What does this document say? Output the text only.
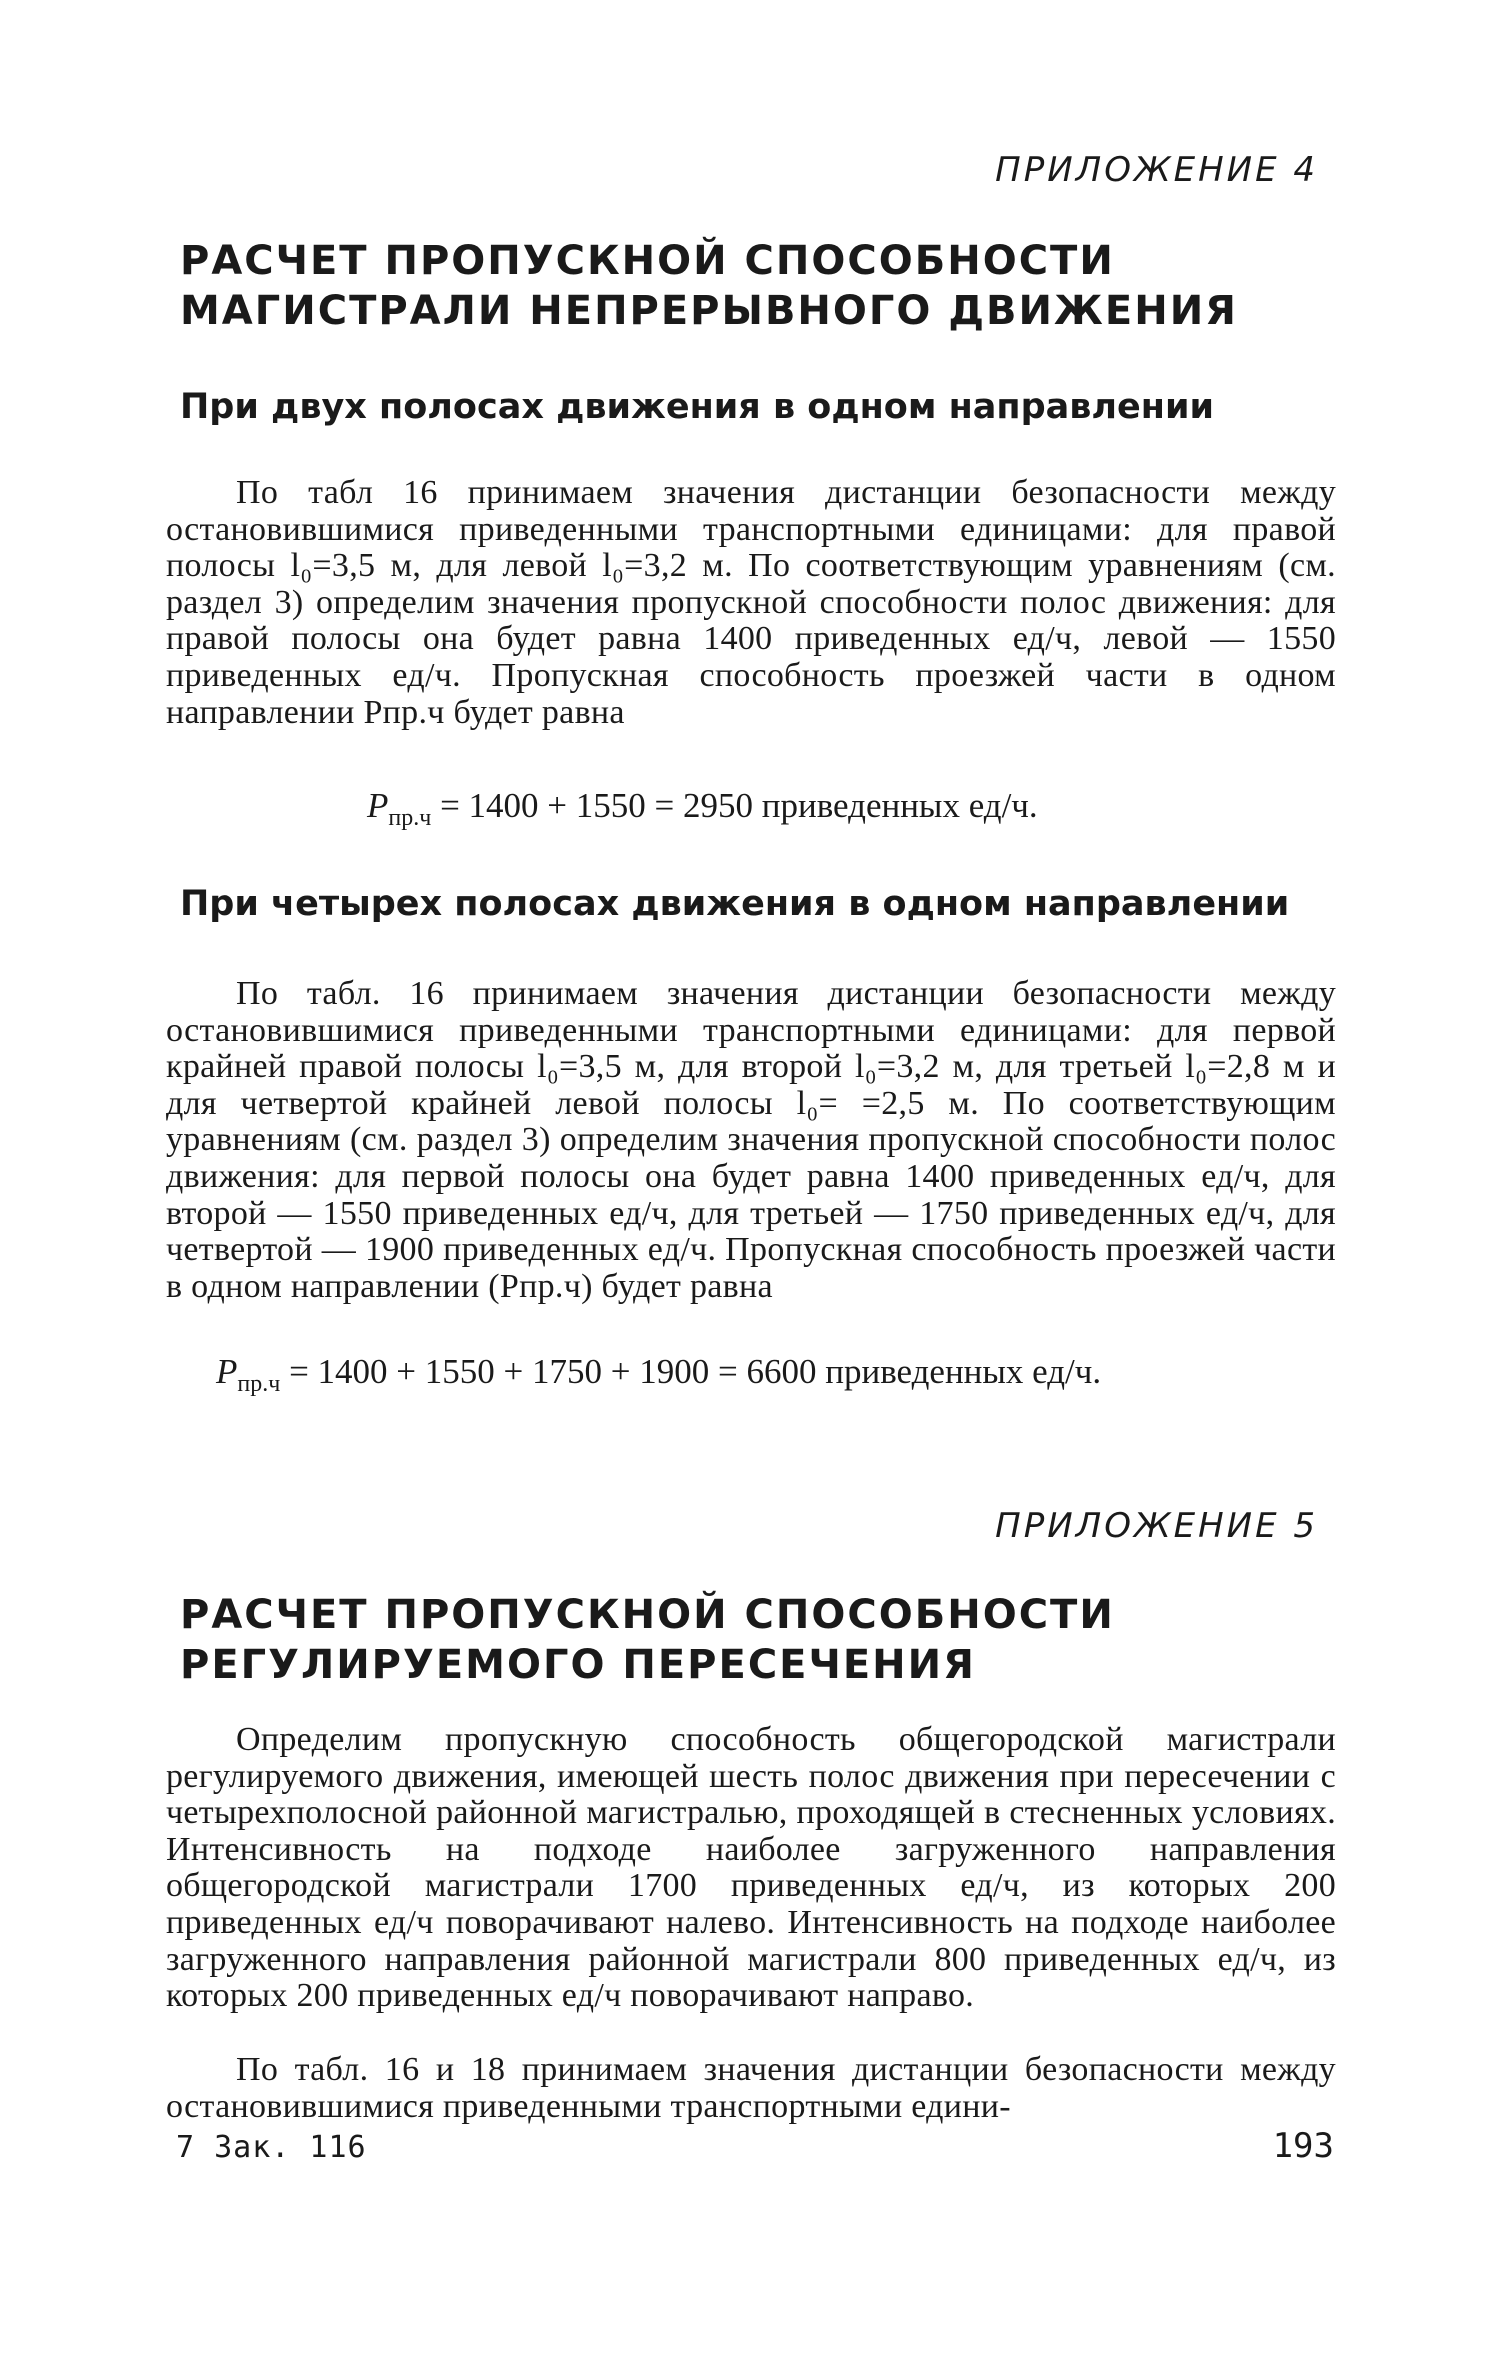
ПРИЛОЖЕНИЕ 4
РАСЧЕТ ПРОПУСКНОЙ СПОСОБНОСТИ
МАГИСТРАЛИ НЕПРЕРЫВНОГО ДВИЖЕНИЯ
При двух полосах движения в одном направлении

По табл 16 принимаем значения дистанции безопасности между остановившимися приведенными транспортными единицами: для правой полосы l₀=3,5 м, для левой l₀=3,2 м. По соответствующим уравнениям (см. раздел 3) определим значения пропускной способности полос движения: для правой полосы она будет равна 1400 приведенных ед/ч, левой — 1550 приведенных ед/ч. Пропускная способность проезжей части в одном направлении Pпр.ч будет равна

$P_{пр.ч} = 1400 + 1550 = 2950$ приведенных ед/ч.
При четырех полосах движения в одном направлении

По табл. 16 принимаем значения дистанции безопасности между остановившимися приведенными транспортными единицами: для первой крайней правой полосы l₀=3,5 м, для второй l₀=3,2 м, для третьей l₀=2,8 м и для четвертой крайней левой полосы l₀= =2,5 м. По соответствующим уравнениям (см. раздел 3) определим значения пропускной способности полос движения: для первой полосы она будет равна 1400 приведенных ед/ч, для второй — 1550 приведенных ед/ч, для третьей — 1750 приведенных ед/ч, для четвертой — 1900 приведенных ед/ч. Пропускная способность проезжей части в одном направлении (Pпр.ч) будет равна

$P_{пр.ч} = 1400 + 1550 + 1750 + 1900 = 6600$ приведенных ед/ч.
ПРИЛОЖЕНИЕ 5
РАСЧЕТ ПРОПУСКНОЙ СПОСОБНОСТИ
РЕГУЛИРУЕМОГО ПЕРЕСЕЧЕНИЯ

Определим пропускную способность общегородской магистрали регулируемого движения, имеющей шесть полос движения при пересечении с четырехполосной районной магистралью, проходящей в стесненных условиях. Интенсивность на подходе наиболее загруженного направления общегородской магистрали 1700 приведенных ед/ч, из которых 200 приведенных ед/ч поворачивают налево. Интенсивность на подходе наиболее загруженного направления районной магистрали 800 приведенных ед/ч, из которых 200 приведенных ед/ч поворачивают направо.

По табл. 16 и 18 принимаем значения дистанции безопасности между остановившимися приведенными транспортными едини-

7 Зак. 116	193
